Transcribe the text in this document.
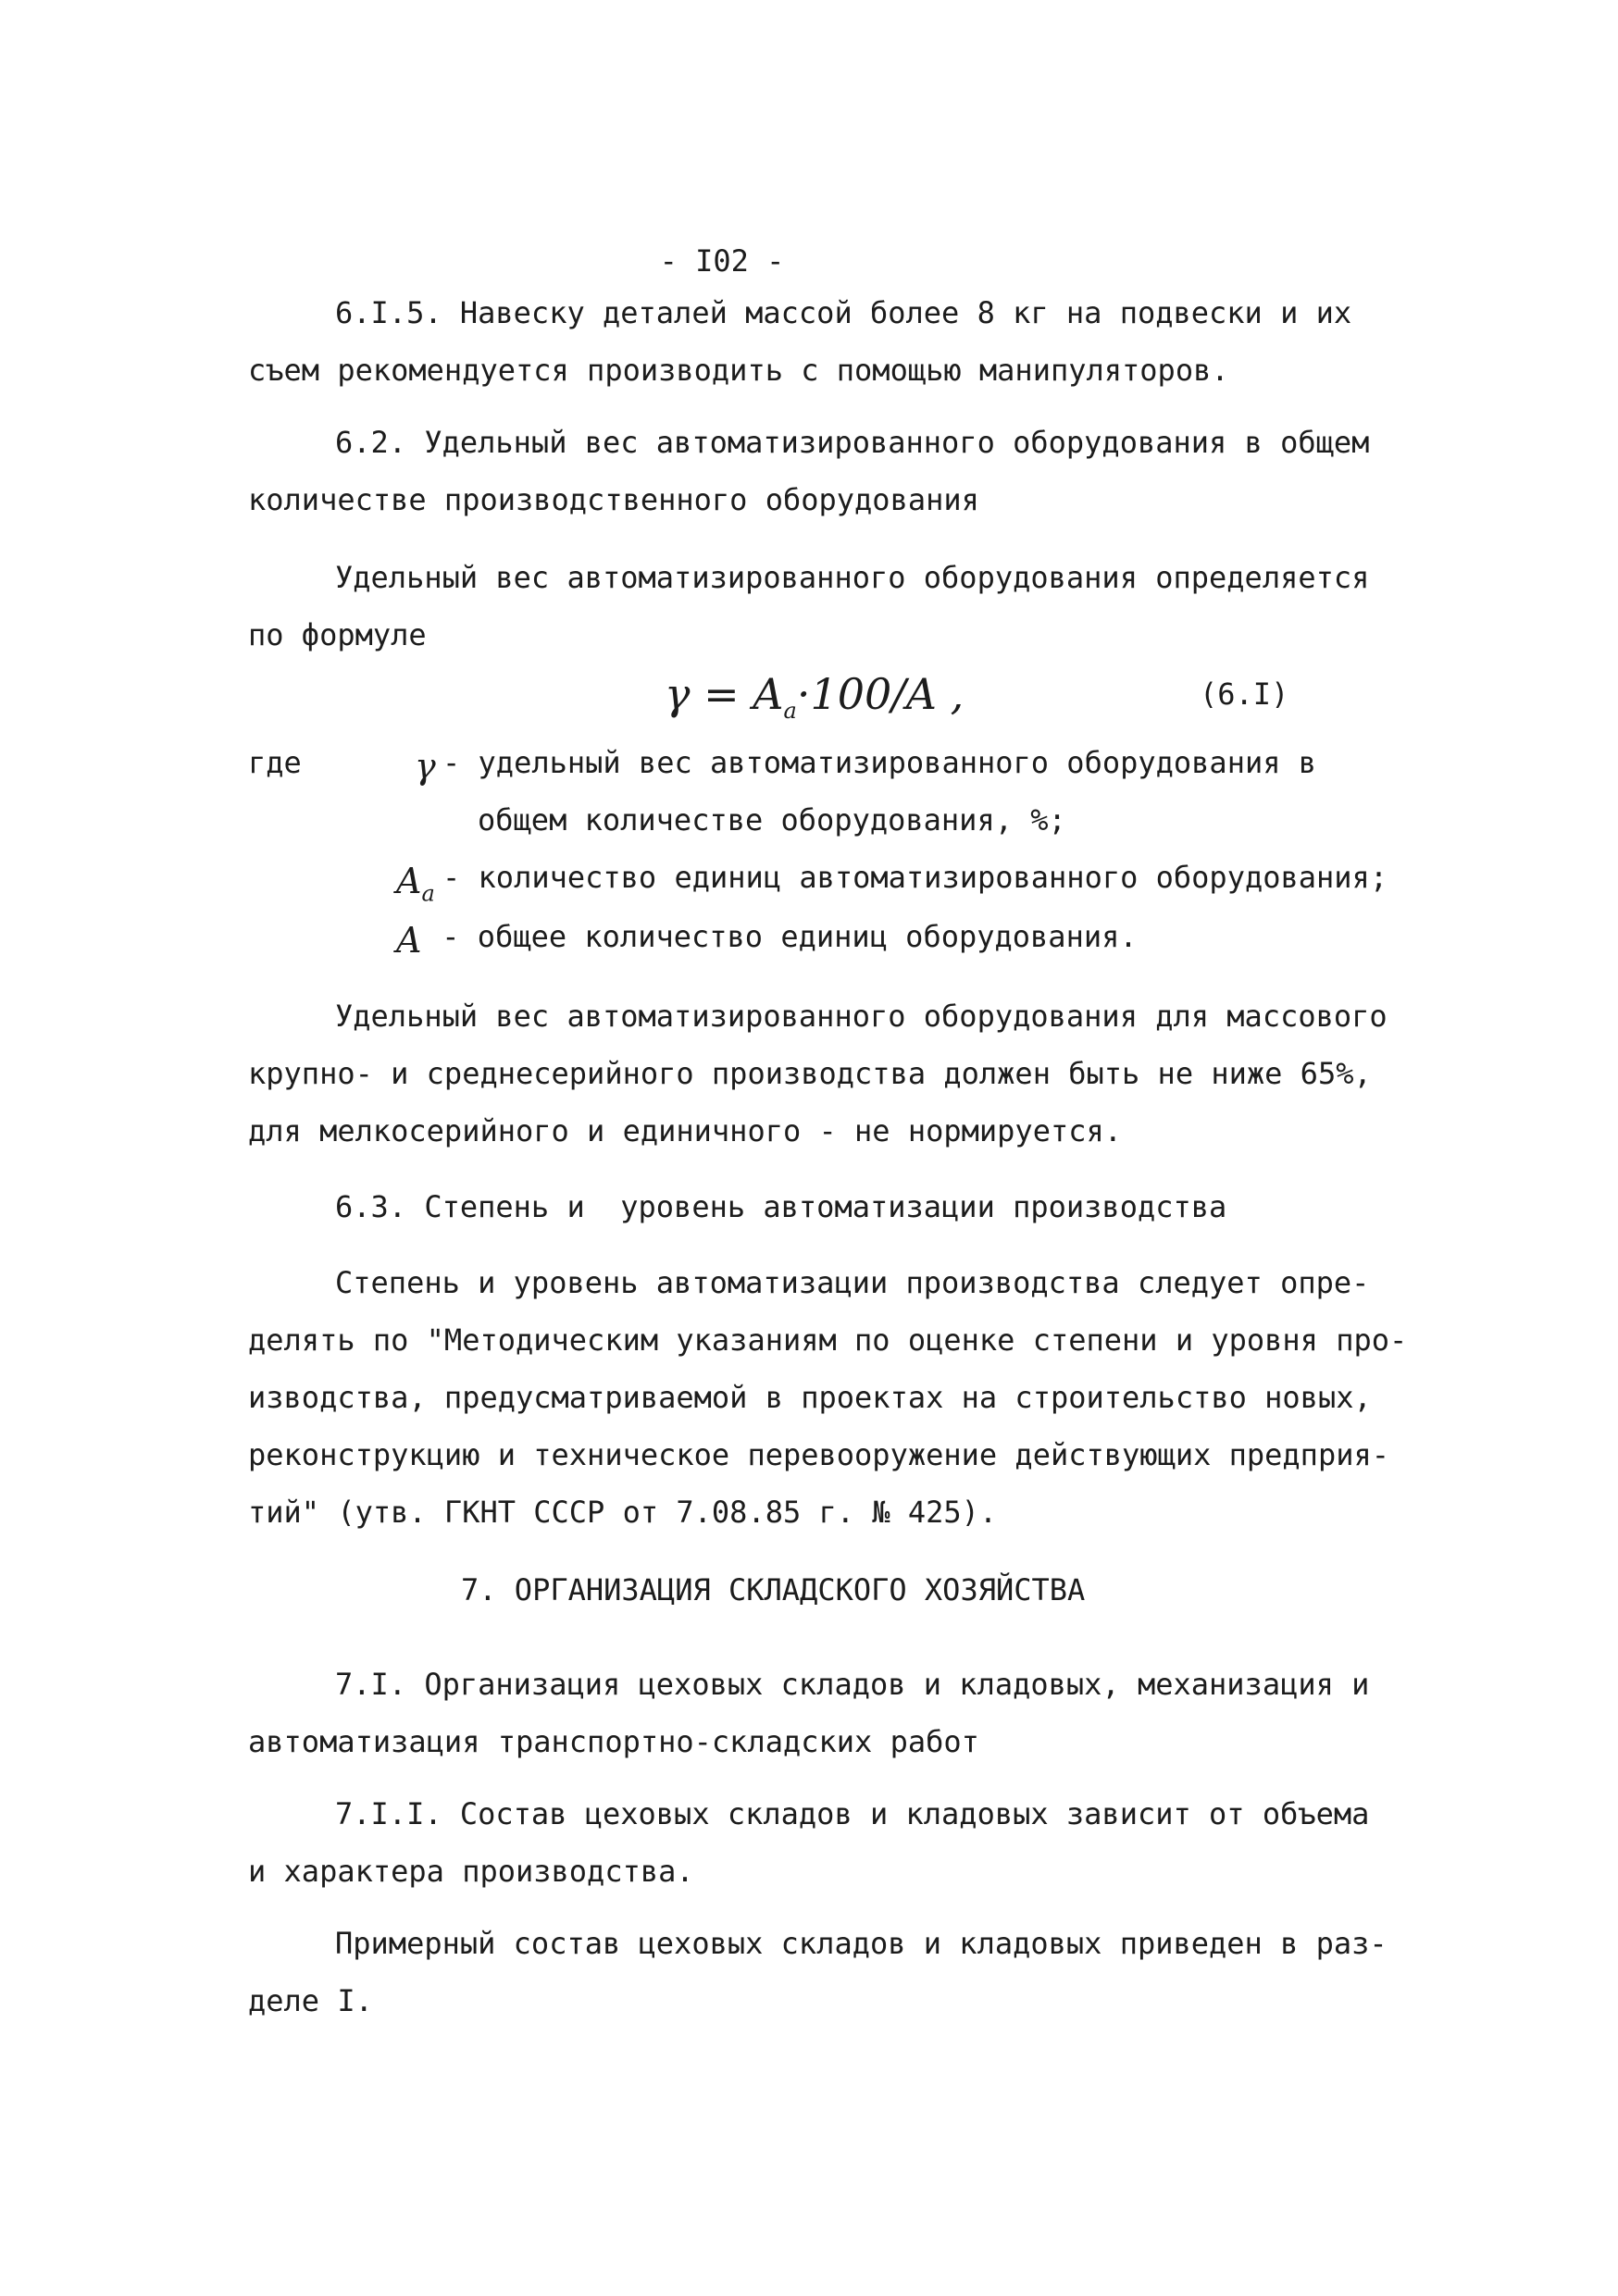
- I02 -
6.I.5. Навеску деталей массой более 8 кг на подвески и их
съем рекомендуется производить с помощью манипуляторов.
6.2. Удельный вес автоматизированного оборудования в общем
количестве производственного оборудования
Удельный вес автоматизированного оборудования определяется
по формуле
$\gamma = A_a\cdot 100/A$ ,	(6.I)
где	γ - удельный вес автоматизированного оборудования в
общем количестве оборудования, %;
$A_a$ - количество единиц автоматизированного оборудования;
A - общее количество единиц оборудования.
Удельный вес автоматизированного оборудования для массового
крупно- и среднесерийного производства должен быть не ниже 65%,
для мелкосерийного и единичного - не нормируется.
6.3. Степень и  уровень автоматизации производства
Степень и уровень автоматизации производства следует опре-
делять по "Методическим указаниям по оценке степени и уровня про-
изводства, предусматриваемой в проектах на строительство новых,
реконструкцию и техническое перевооружение действующих предприя-
тий" (утв. ГКНТ СССР от 7.08.85 г. № 425).
7. ОРГАНИЗАЦИЯ СКЛАДСКОГО ХОЗЯЙСТВА
7.I. Организация цеховых складов и кладовых, механизация и
автоматизация транспортно-складских работ
7.I.I. Состав цеховых складов и кладовых зависит от объема
и характера производства.
Примерный состав цеховых складов и кладовых приведен в раз-
деле I.
